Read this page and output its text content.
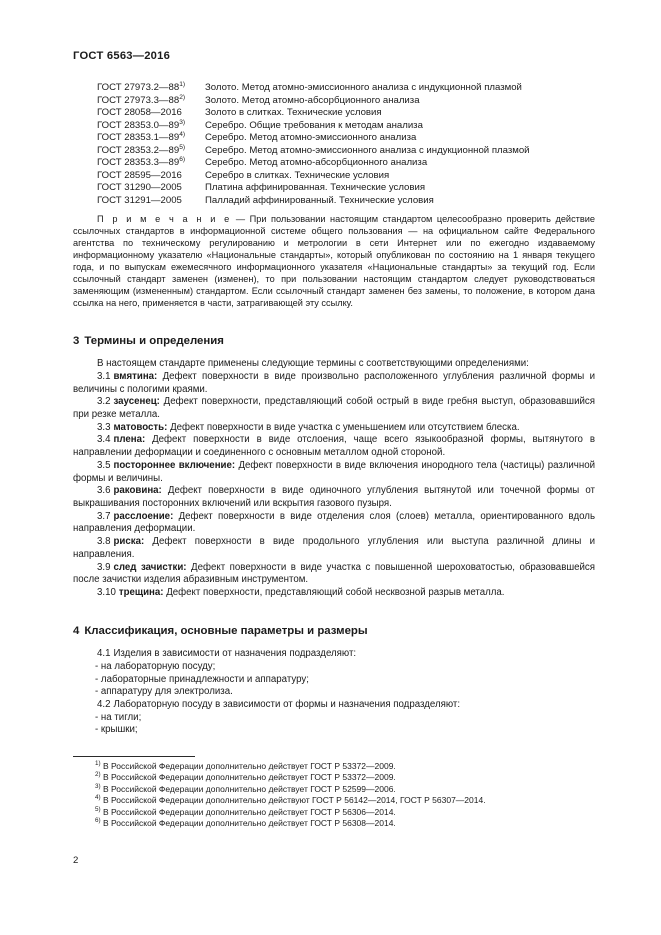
ГОСТ 6563—2016
ГОСТ 27973.2—88$^{1)}$ Золото. Метод атомно-эмиссионного анализа с индукционной плазмой
ГОСТ 27973.3—88$^{2)}$ Золото. Метод атомно-абсорбционного анализа
ГОСТ 28058—2016 Золото в слитках. Технические условия
ГОСТ 28353.0—89$^{3)}$ Серебро. Общие требования к методам анализа
ГОСТ 28353.1—89$^{4)}$ Серебро. Метод атомно-эмиссионного анализа
ГОСТ 28353.2—89$^{5)}$ Серебро. Метод атомно-эмиссионного анализа с индукционной плазмой
ГОСТ 28353.3—89$^{6)}$ Серебро. Метод атомно-абсорбционного анализа
ГОСТ 28595—2016 Серебро в слитках. Технические условия
ГОСТ 31290—2005 Платина аффинированная. Технические условия
ГОСТ 31291—2005 Палладий аффинированный. Технические условия
П р и м е ч а н и е — При пользовании настоящим стандартом целесообразно проверить действие ссылочных стандартов в информационной системе общего пользования — на официальном сайте Федерального агентства по техническому регулированию и метрологии в сети Интернет или по ежегодно издаваемому информационному указателю «Национальные стандарты», который опубликован по состоянию на 1 января текущего года, и по выпускам ежемесячного информационного указателя «Национальные стандарты» за текущий год. Если ссылочный стандарт заменен (изменен), то при пользовании настоящим стандартом следует руководствоваться заменяющим (измененным) стандартом. Если ссылочный стандарт заменен без замены, то положение, в котором дана ссылка на него, применяется в части, затрагивающей эту ссылку.
3 Термины и определения

В настоящем стандарте применены следующие термины с соответствующими определениями:

3.1 вмятина: Дефект поверхности в виде произвольно расположенного углубления различной формы и величины с пологими краями.

3.2 заусенец: Дефект поверхности, представляющий собой острый в виде гребня выступ, образовавшийся при резке металла.

3.3 матовость: Дефект поверхности в виде участка с уменьшением или отсутствием блеска.

3.4 плена: Дефект поверхности в виде отслоения, чаще всего языкообразной формы, вытянутого в направлении деформации и соединенного с основным металлом одной стороной.

3.5 постороннее включение: Дефект поверхности в виде включения инородного тела (частицы) различной формы и величины.

3.6 раковина: Дефект поверхности в виде одиночного углубления вытянутой или точечной формы от выкрашивания посторонних включений или вскрытия газового пузыря.

3.7 расслоение: Дефект поверхности в виде отделения слоя (слоев) металла, ориентированного вдоль направления деформации.

3.8 риска: Дефект поверхности в виде продольного углубления или выступа различной длины и направления.

3.9 след зачистки: Дефект поверхности в виде участка с повышенной шероховатостью, образовавшейся после зачистки изделия абразивным инструментом.

3.10 трещина: Дефект поверхности, представляющий собой несквозной разрыв металла.

4 Классификация, основные параметры и размеры

4.1 Изделия в зависимости от назначения подразделяют:

- на лабораторную посуду;

- лабораторные принадлежности и аппаратуру;

- аппаратуру для электролиза.

4.2 Лабораторную посуду в зависимости от формы и назначения подразделяют:

- на тигли;

- крышки;

$^{1)}$ В Российской Федерации дополнительно действует ГОСТ Р 53372—2009.

$^{2)}$ В Российской Федерации дополнительно действует ГОСТ Р 53372—2009.

$^{3)}$ В Российской Федерации дополнительно действует ГОСТ Р 52599—2006.

$^{4)}$ В Российской Федерации дополнительно действуют ГОСТ Р 56142—2014, ГОСТ Р 56307—2014.

$^{5)}$ В Российской Федерации дополнительно действует ГОСТ Р 56306—2014.

$^{6)}$ В Российской Федерации дополнительно действует ГОСТ Р 56308—2014.

2
